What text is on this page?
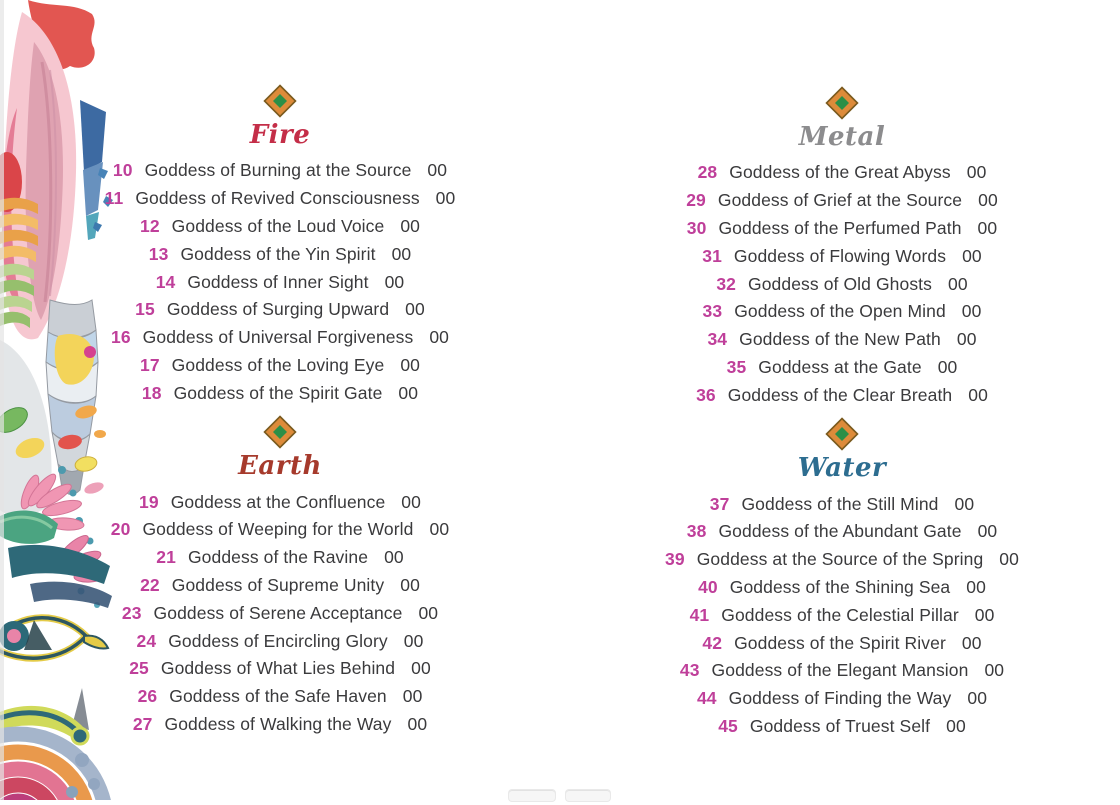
Fire
10 Goddess of Burning at the Source 00
11 Goddess of Revived Consciousness 00
12 Goddess of the Loud Voice 00
13 Goddess of the Yin Spirit 00
14 Goddess of Inner Sight 00
15 Goddess of Surging Upward 00
16 Goddess of Universal Forgiveness 00
17 Goddess of the Loving Eye 00
18 Goddess of the Spirit Gate 00
Earth
19 Goddess at the Confluence 00
20 Goddess of Weeping for the World 00
21 Goddess of the Ravine 00
22 Goddess of Supreme Unity 00
23 Goddess of Serene Acceptance 00
24 Goddess of Encircling Glory 00
25 Goddess of What Lies Behind 00
26 Goddess of the Safe Haven 00
27 Goddess of Walking the Way 00
Metal
28 Goddess of the Great Abyss 00
29 Goddess of Grief at the Source 00
30 Goddess of the Perfumed Path 00
31 Goddess of Flowing Words 00
32 Goddess of Old Ghosts 00
33 Goddess of the Open Mind 00
34 Goddess of the New Path 00
35 Goddess at the Gate 00
36 Goddess of the Clear Breath 00
Water
37 Goddess of the Still Mind 00
38 Goddess of the Abundant Gate 00
39 Goddess at the Source of the Spring 00
40 Goddess of the Shining Sea 00
41 Goddess of the Celestial Pillar 00
42 Goddess of the Spirit River 00
43 Goddess of the Elegant Mansion 00
44 Goddess of Finding the Way 00
45 Goddess of Truest Self 00
